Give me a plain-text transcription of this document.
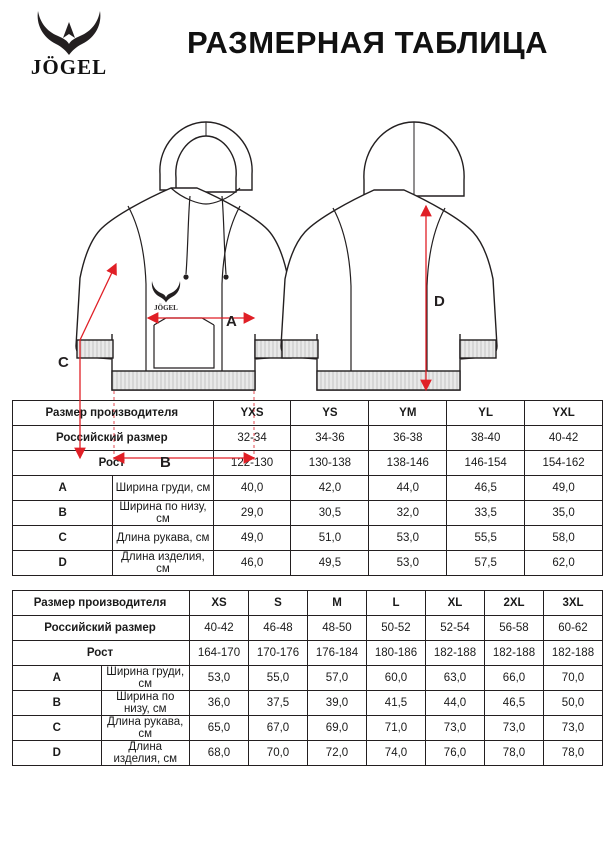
JÖGEL
РАЗМЕРНАЯ ТАБЛИЦА
JÖGEL
A
B
C
D
Размер производителя		YXS	YS	YM	YL	YXL
Российский размер		32-34	34-36	36-38	38-40	40-42
Рост		122-130	130-138	138-146	146-154	154-162
A	Ширина груди, см	40,0	42,0	44,0	46,5	49,0
B	Ширина по низу, см	29,0	30,5	32,0	33,5	35,0
C	Длина рукава, см	49,0	51,0	53,0	55,5	58,0
D	Длина изделия, см	46,0	49,5	53,0	57,5	62,0
Размер производителя		XS	S	M	L	XL	2XL	3XL
Российский размер		40-42	46-48	48-50	50-52	52-54	56-58	60-62
Рост		164-170	170-176	176-184	180-186	182-188	182-188	182-188
A	Ширина груди, см	53,0	55,0	57,0	60,0	63,0	66,0	70,0
B	Ширина по низу, см	36,0	37,5	39,0	41,5	44,0	46,5	50,0
C	Длина рукава, см	65,0	67,0	69,0	71,0	73,0	73,0	73,0
D	Длина изделия, см	68,0	70,0	72,0	74,0	76,0	78,0	78,0
